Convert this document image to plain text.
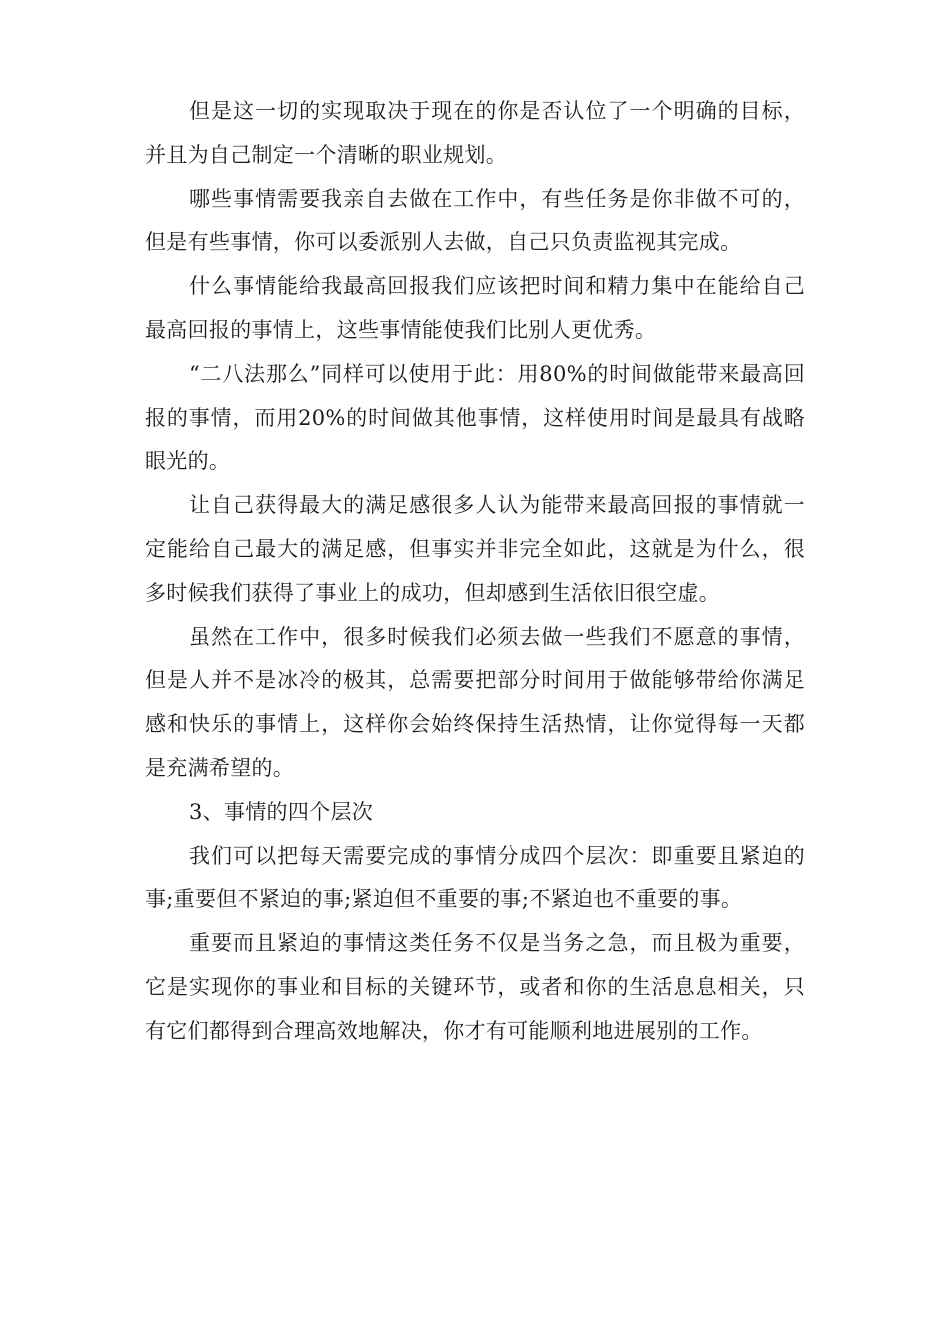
但是这一切的实现取决于现在的你是否认位了一个明确的目标，并且为自己制定一个清晰的职业规划。

哪些事情需要我亲自去做在工作中，有些任务是你非做不可的，但是有些事情，你可以委派别人去做，自己只负责监视其完成。

什么事情能给我最高回报我们应该把时间和精力集中在能给自己最高回报的事情上，这些事情能使我们比别人更优秀。

“二八法那么”同样可以使用于此：用80%的时间做能带来最高回报的事情，而用20%的时间做其他事情，这样使用时间是最具有战略眼光的。

让自己获得最大的满足感很多人认为能带来最高回报的事情就一定能给自己最大的满足感，但事实并非完全如此，这就是为什么，很多时候我们获得了事业上的成功，但却感到生活依旧很空虚。

虽然在工作中，很多时候我们必须去做一些我们不愿意的事情，但是人并不是冰冷的极其，总需要把部分时间用于做能够带给你满足感和快乐的事情上，这样你会始终保持生活热情，让你觉得每一天都是充满希望的。

3、事情的四个层次

我们可以把每天需要完成的事情分成四个层次：即重要且紧迫的事;重要但不紧迫的事;紧迫但不重要的事;不紧迫也不重要的事。

重要而且紧迫的事情这类任务不仅是当务之急，而且极为重要，它是实现你的事业和目标的关键环节，或者和你的生活息息相关，只有它们都得到合理高效地解决，你才有可能顺利地进展别的工作。
